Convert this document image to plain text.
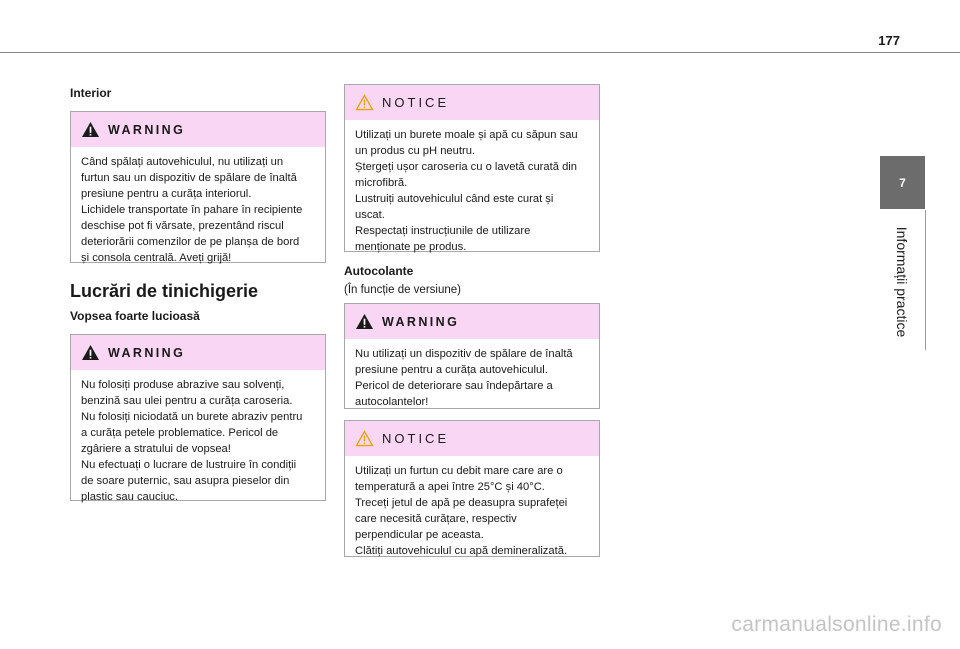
177
7
Informații practice

Interior

WARNING
Când spălați autovehiculul, nu utilizați un
furtun sau un dispozitiv de spălare de înaltă
presiune pentru a curăța interiorul.
Lichidele transportate în pahare în recipiente
deschise pot fi vărsate, prezentând riscul
deteriorării comenzilor de pe planșa de bord
și consola centrală. Aveți grijă!

Lucrări de tinichigerie

Vopsea foarte lucioasă

WARNING
Nu folosiți produse abrazive sau solvenți,
benzină sau ulei pentru a curăța caroseria.
Nu folosiți niciodată un burete abraziv pentru
a curăța petele problematice. Pericol de
zgâriere a stratului de vopsea!
Nu efectuați o lucrare de lustruire în condiții
de soare puternic, sau asupra pieselor din
plastic sau cauciuc.
NOTICE
Utilizați un burete moale și apă cu săpun sau
un produs cu pH neutru.
Ștergeți ușor caroseria cu o lavetă curată din
microfibră.
Lustruiți autovehiculul când este curat și
uscat.
Respectați instrucțiunile de utilizare
menționate pe produs.

Autocolante

(În funcție de versiune)

WARNING
Nu utilizați un dispozitiv de spălare de înaltă
presiune pentru a curăța autovehiculul.
Pericol de deteriorare sau îndepărtare a
autocolantelor!
NOTICE
Utilizați un furtun cu debit mare care are o
temperatură a apei între 25°C și 40°C.
Treceți jetul de apă pe deasupra suprafeței
care necesită curățare, respectiv
perpendicular pe aceasta.
Clătiți autovehiculul cu apă demineralizată.
carmanualsonline.info
